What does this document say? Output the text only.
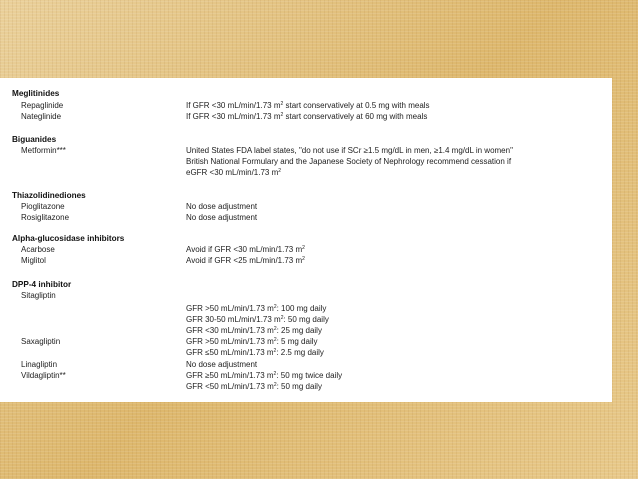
Meglitinides
Repaglinide	If GFR <30 mL/min/1.73 $m^2$ start conservatively at 0.5 mg with meals
Nateglinide	If GFR <30 mL/min/1.73 $m^2$ start conservatively at 60 mg with meals
Biguanides
Metformin***	United States FDA label states, "do not use if SCr ≥1.5 mg/dL in men, ≥1.4 mg/dL in women"
British National Formulary and the Japanese Society of Nephrology recommend cessation if
eGFR <30 mL/min/1.73 $m^2$
Thiazolidinediones
Pioglitazone	No dose adjustment
Rosiglitazone	No dose adjustment
Alpha-glucosidase inhibitors
Acarbose	Avoid if GFR <30 mL/min/1.73 $m^2$
Miglitol	Avoid if GFR <25 mL/min/1.73 $m^2$
DPP-4 inhibitor
Sitagliptin
GFR >50 mL/min/1.73 $m^2$: 100 mg daily
GFR 30-50 mL/min/1.73 $m^2$: 50 mg daily
GFR <30 mL/min/1.73 $m^2$: 25 mg daily
Saxagliptin	GFR >50 mL/min/1.73 $m^2$: 5 mg daily
GFR ≤50 mL/min/1.73 $m^2$: 2.5 mg daily
Linagliptin	No dose adjustment
Vildagliptin**	GFR ≥50 mL/min/1.73 $m^2$: 50 mg twice daily
GFR <50 mL/min/1.73 $m^2$: 50 mg daily
